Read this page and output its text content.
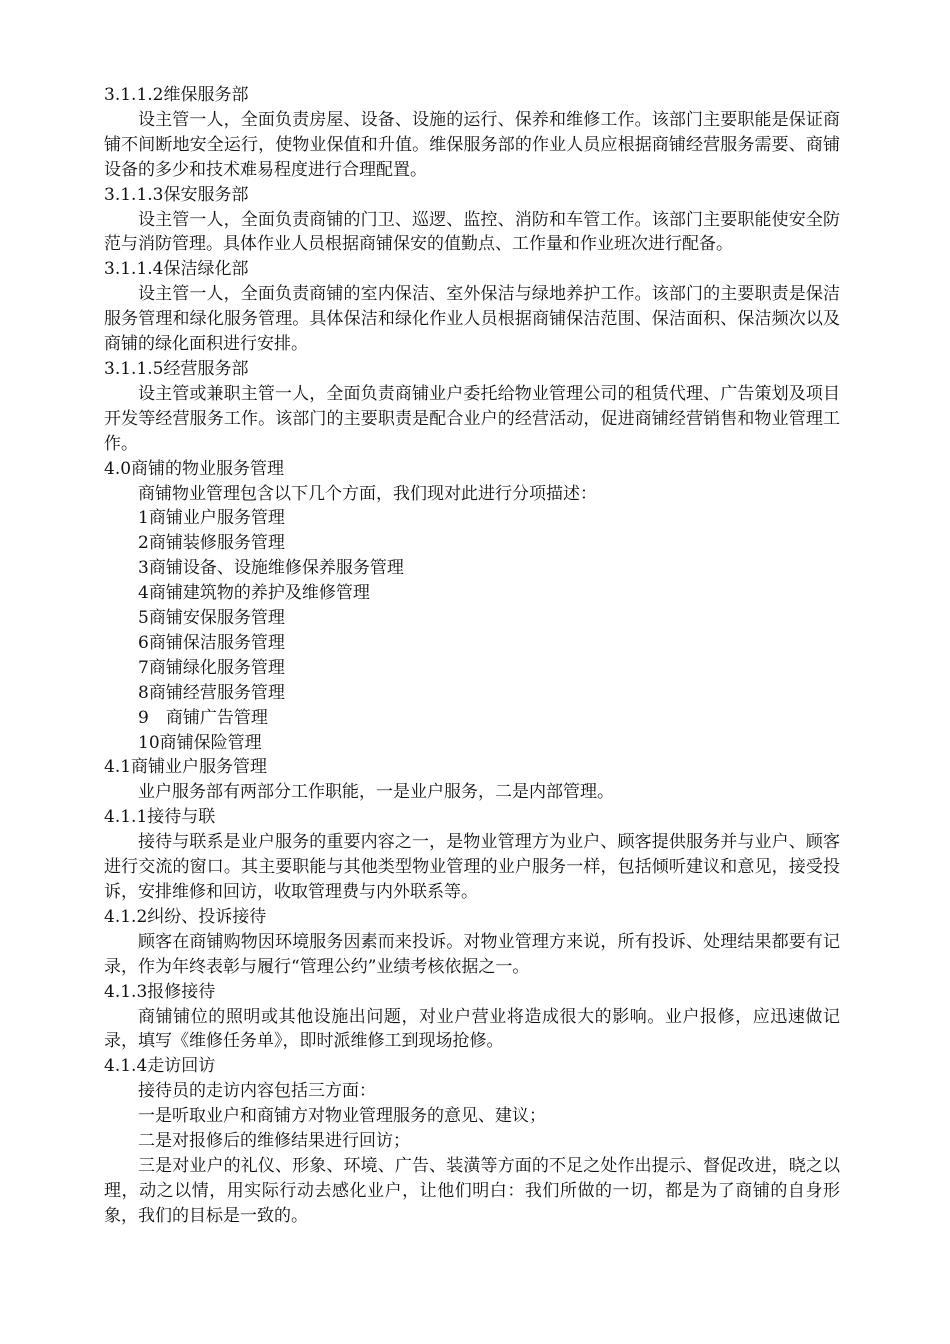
3.1.1.2维保服务部

设主管一人，全面负责房屋、设备、设施的运行、保养和维修工作。该部门主要职能是保证商铺不间断地安全运行，使物业保值和升值。维保服务部的作业人员应根据商铺经营服务需要、商铺设备的多少和技术难易程度进行合理配置。

3.1.1.3保安服务部

设主管一人，全面负责商铺的门卫、巡逻、监控、消防和车管工作。该部门主要职能使安全防范与消防管理。具体作业人员根据商铺保安的值勤点、工作量和作业班次进行配备。

3.1.1.4保洁绿化部

设主管一人，全面负责商铺的室内保洁、室外保洁与绿地养护工作。该部门的主要职责是保洁服务管理和绿化服务管理。具体保洁和绿化作业人员根据商铺保洁范围、保洁面积、保洁频次以及商铺的绿化面积进行安排。

3.1.1.5经营服务部

设主管或兼职主管一人，全面负责商铺业户委托给物业管理公司的租赁代理、广告策划及项目开发等经营服务工作。该部门的主要职责是配合业户的经营活动，促进商铺经营销售和物业管理工作。

4.0商铺的物业服务管理

商铺物业管理包含以下几个方面，我们现对此进行分项描述：

1商铺业户服务管理

2商铺装修服务管理

3商铺设备、设施维修保养服务管理

4商铺建筑物的养护及维修管理

5商铺安保服务管理

6商铺保洁服务管理

7商铺绿化服务管理

8商铺经营服务管理

9　商铺广告管理

10商铺保险管理

4.1商铺业户服务管理

业户服务部有两部分工作职能，一是业户服务，二是内部管理。

4.1.1接待与联

接待与联系是业户服务的重要内容之一，是物业管理方为业户、顾客提供服务并与业户、顾客进行交流的窗口。其主要职能与其他类型物业管理的业户服务一样，包括倾听建议和意见，接受投诉，安排维修和回访，收取管理费与内外联系等。

4.1.2纠纷、投诉接待

顾客在商铺购物因环境服务因素而来投诉。对物业管理方来说，所有投诉、处理结果都要有记录，作为年终表彰与履行“管理公约”业绩考核依据之一。

4.1.3报修接待

商铺铺位的照明或其他设施出问题，对业户营业将造成很大的影响。业户报修，应迅速做记录，填写《维修任务单》，即时派维修工到现场抢修。

4.1.4走访回访

接待员的走访内容包括三方面：

一是听取业户和商铺方对物业管理服务的意见、建议；

二是对报修后的维修结果进行回访；

三是对业户的礼仪、形象、环境、广告、装潢等方面的不足之处作出提示、督促改进，晓之以理，动之以情，用实际行动去感化业户，让他们明白：我们所做的一切，都是为了商铺的自身形象，我们的目标是一致的。
